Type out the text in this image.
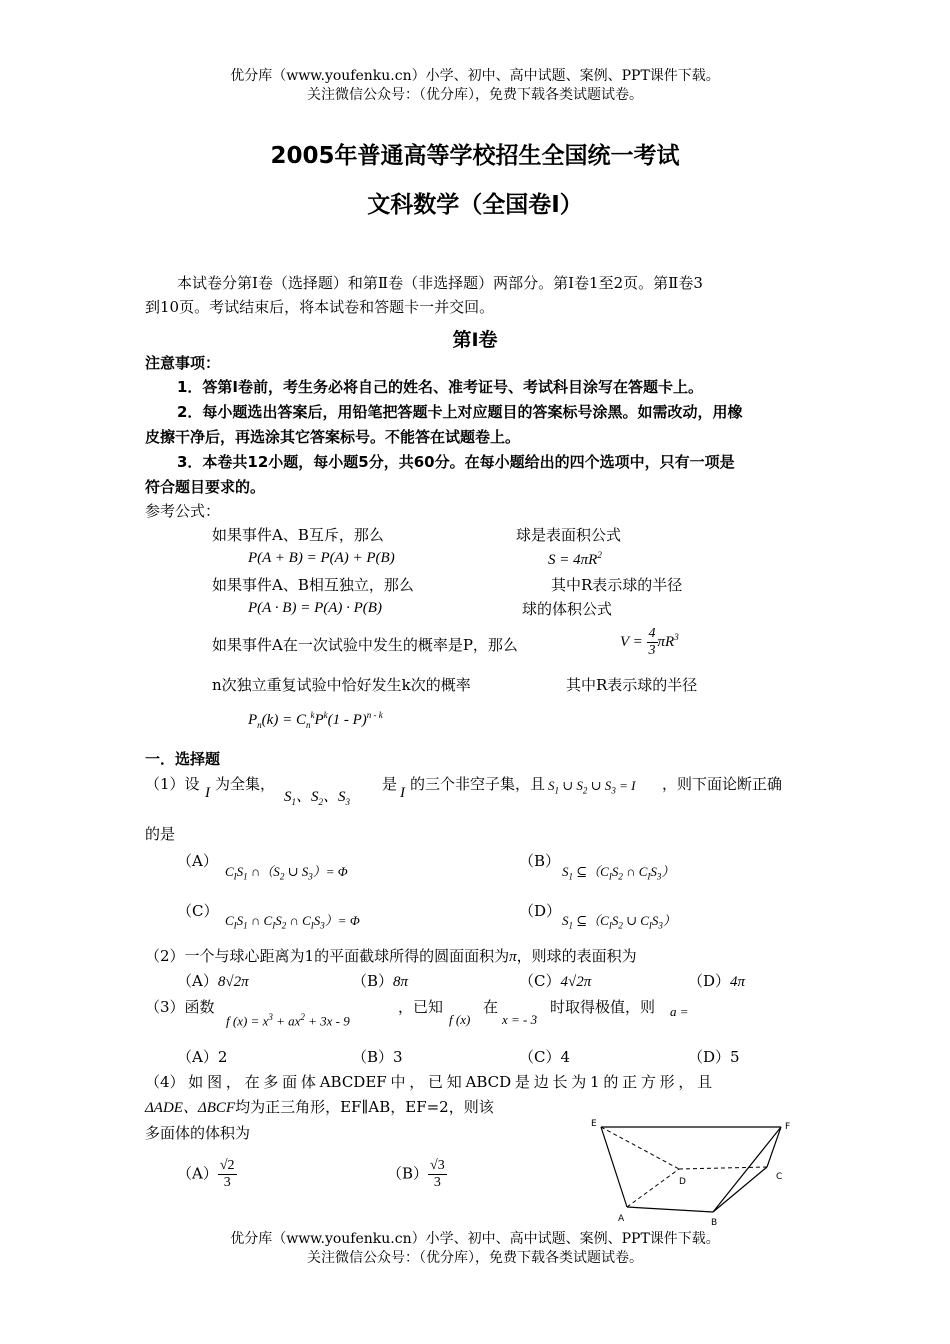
优分库（www.youfenku.cn）小学、初中、高中试题、案例、PPT课件下载。
关注微信公众号：（优分库），免费下载各类试题试卷。
2005年普通高等学校招生全国统一考试
文科数学（全国卷Ⅰ）
本试卷分第Ⅰ卷（选择题）和第Ⅱ卷（非选择题）两部分。第Ⅰ卷1至2页。第Ⅱ卷3
到10页。考试结束后，将本试卷和答题卡一并交回。
第Ⅰ卷
注意事项：
1．答第Ⅰ卷前，考生务必将自己的姓名、准考证号、考试科目涂写在答题卡上。
2．每小题选出答案后，用铅笔把答题卡上对应题目的答案标号涂黑。如需改动，用橡
皮擦干净后，再选涂其它答案标号。不能答在试题卷上。
3．本卷共12小题，每小题5分，共60分。在每小题给出的四个选项中，只有一项是
符合题目要求的。
参考公式：
如果事件A、B互斥，那么
P(A + B) = P(A) + P(B)
如果事件A、B相互独立，那么
P(A · B) = P(A) · P(B)
如果事件A在一次试验中发生的概率是P，那么
n次独立重复试验中恰好发生k次的概率
$P_n(k) = C_n^kP^k(1 - P)^{n - k}$
球是表面积公式
$S = 4\pi R^2$
其中R表示球的半径
球的体积公式
$V = \frac{4}{3} \pi R^3$
其中R表示球的半径
一．选择题
（1）设 I 为全集，
$S_1$、$S_2$、$S_3$
是 I 的三个非空子集，且 $S_1$ ∪ $S_2$ ∪ $S_3 = I$ ，则下面论断正确
的是
（A）
$C_IS_1$ $\cap(S_2$ ∪ $S_3)= \Phi$
（B）
$S_1$ $⊆(C_IS_2$ ∩ $C_IS_3$）
（C）
$C_IS_1$ ∩ $C_IS_2$ ∩ $C_IS_3)= \Phi$
（D）
$S_1$ $⊆(C_IS_2$ ∪ $C_IS_3$）
（2）一个与球心距离为1的平面截球所得的圆面面积为π，则球的表面积为
（A）8√2π	（B）8π	（C）4√2π	（D）4π
（3）函数
f $(x) = x^3 + ax^2 + 3x - 9$
，已知
f (x)
在
x = - 3
时取得极值，则 a =
（A）2	（B）3	（C）4	（D）5
（4） 如 图 ， 在 多 面 体 ABCDEF 中 ， 已 知 ABCD 是 边 长 为 1 的 正 方 形 ， 且
ΔADE、ΔBCF均为正三角形，EF∥AB，EF=2，则该
多面体的体积为
$(A) \frac{√2}{3}$	$(B) \frac{√3}{3}$
E	F
D	C
A	B
优分库（www.youfenku.cn）小学、初中、高中试题、案例、PPT课件下载。
关注微信公众号：（优分库），免费下载各类试题试卷。
